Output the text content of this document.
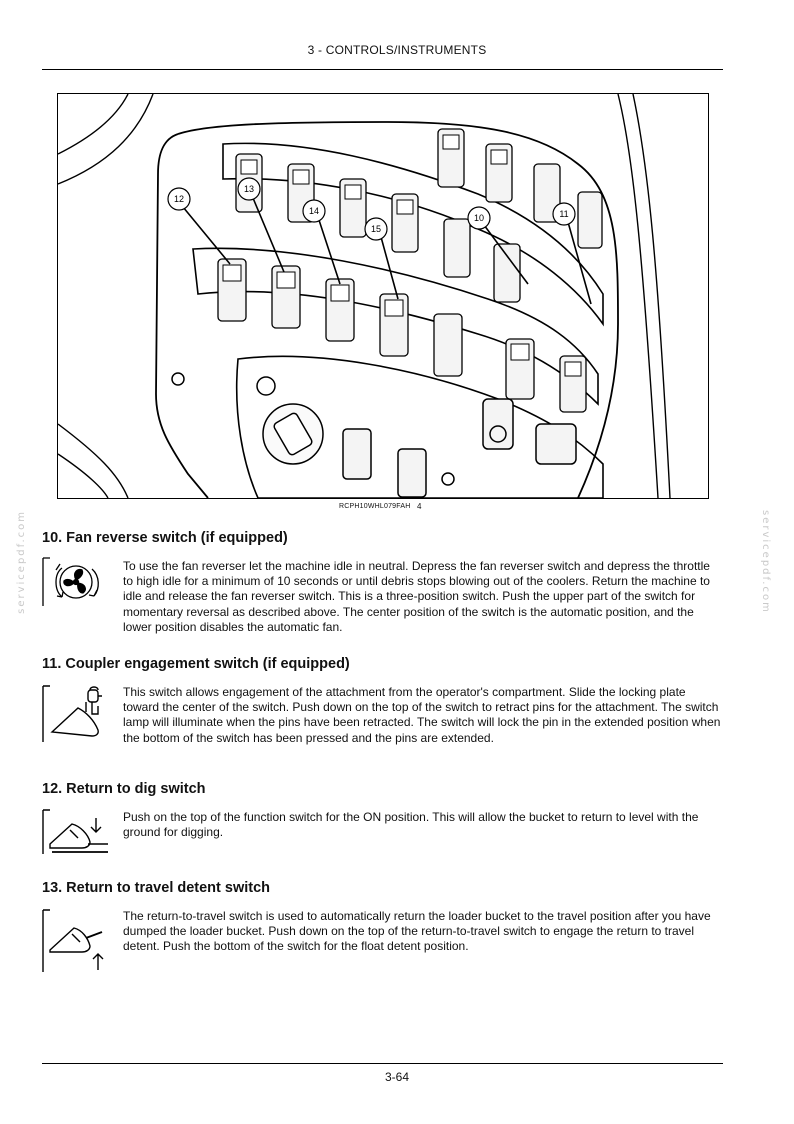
3 - CONTROLS/INSTRUMENTS
12
13
14
15
10	11
RCPH10WHL079FAH 4
servicepdf.com	servicepdf.com
10. Fan reverse switch (if equipped)
To use the fan reverser let the machine idle in neutral. Depress the fan reverser switch and depress the throttle to high idle for a minimum of 10 seconds or until debris stops blowing out of the coolers. Return the machine to idle and release the fan reverser switch. This is a three-position switch. Push the upper part of the switch for momentary reversal as described above. The center position of the switch is the automatic position, and the lower position disables the automatic fan.
11. Coupler engagement switch (if equipped)
This switch allows engagement of the attachment from the operator's compartment. Slide the locking plate toward the center of the switch. Push down on the top of the switch to retract pins for the attachment. The switch lamp will illuminate when the pins have been retracted. The switch will lock the pin in the extended position when the bottom of the switch has been pressed and the pins are extended.
12. Return to dig switch
Push on the top of the function switch for the ON position. This will allow the bucket to return to level with the ground for digging.
13. Return to travel detent switch
The return-to-travel switch is used to automatically return the loader bucket to the travel position after you have dumped the loader bucket. Push down on the top of the return-to-travel switch to engage the return to travel detent. Push the bottom of the switch for the float detent position.
3-64
